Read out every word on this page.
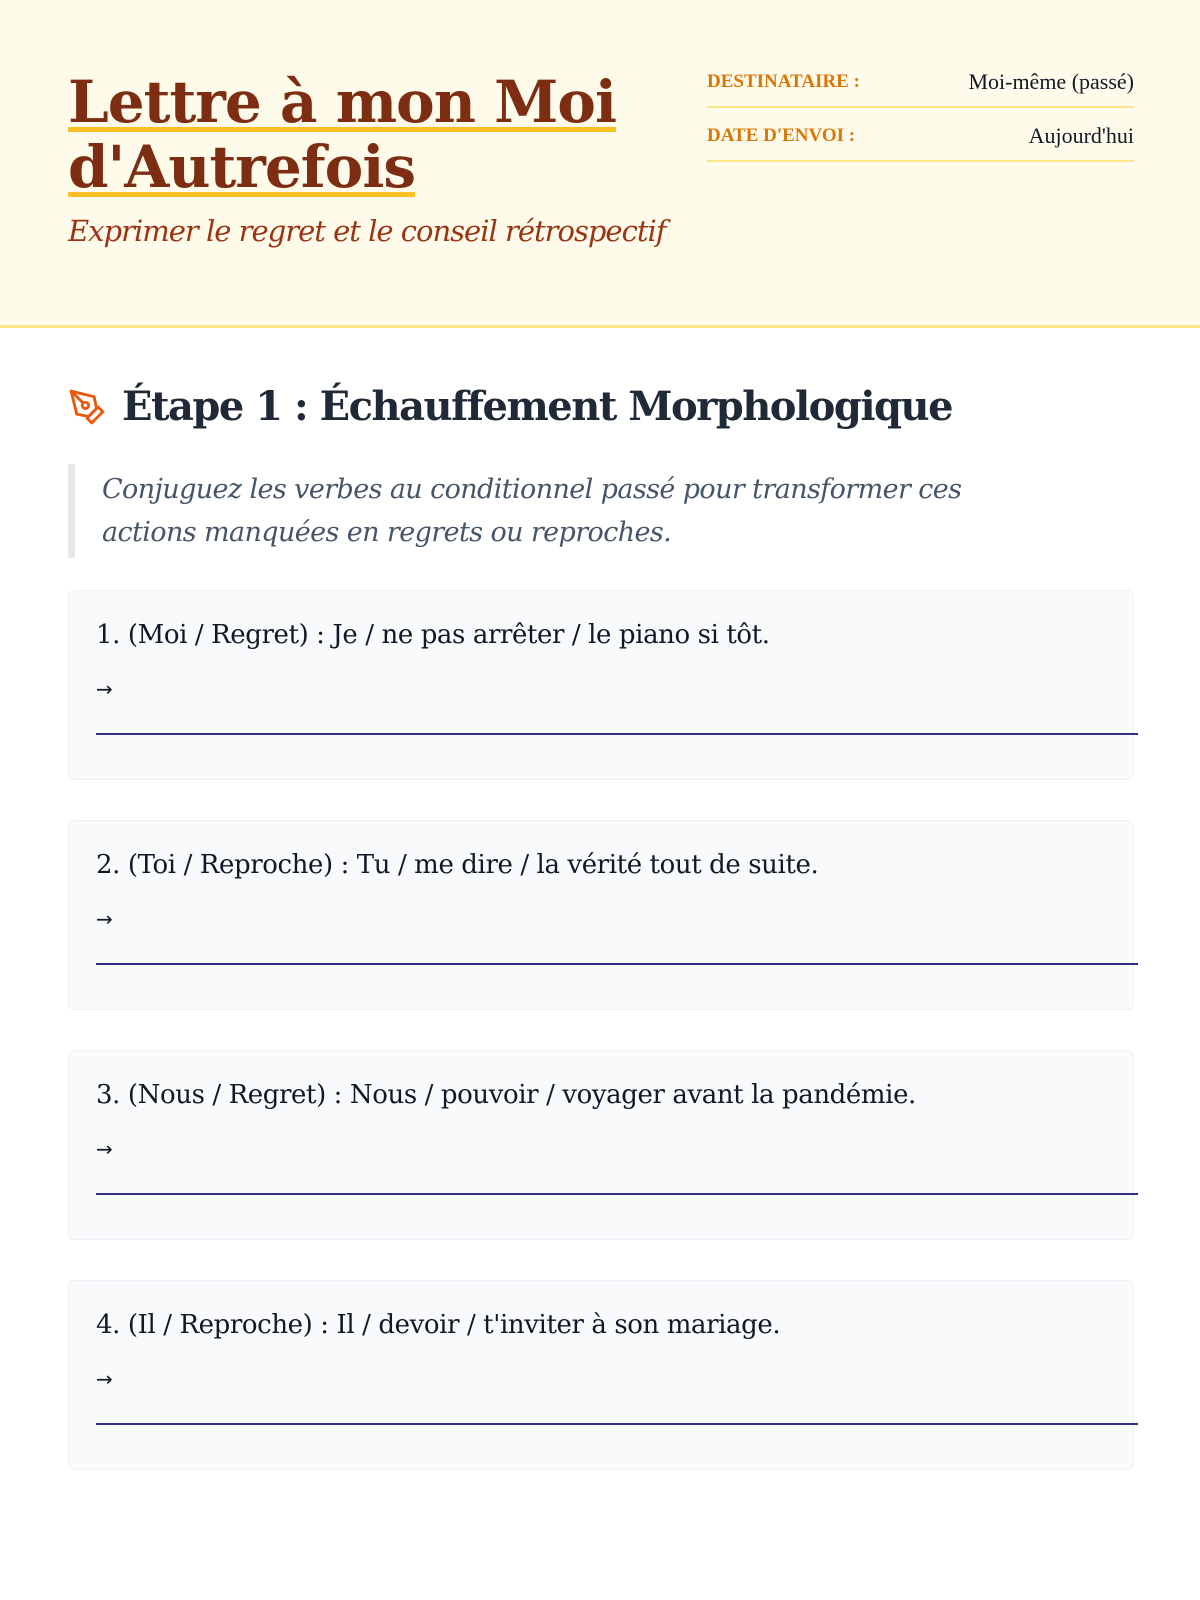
Lettre à mon Moi d'Autrefois

Exprimer le regret et le conseil rétrospectif

DESTINATAIRE :	Moi-même (passé)
DATE D'ENVOI :	Aujourd'hui
Étape 1 : Échauffement Morphologique
Conjuguez les verbes au conditionnel passé pour transformer ces actions manquées en regrets ou reproches.
1. (Moi / Regret) : Je / ne pas arrêter / le piano si tôt.
→
2. (Toi / Reproche) : Tu / me dire / la vérité tout de suite.
→
3. (Nous / Regret) : Nous / pouvoir / voyager avant la pandémie.
→
4. (Il / Reproche) : Il / devoir / t'inviter à son mariage.
→
